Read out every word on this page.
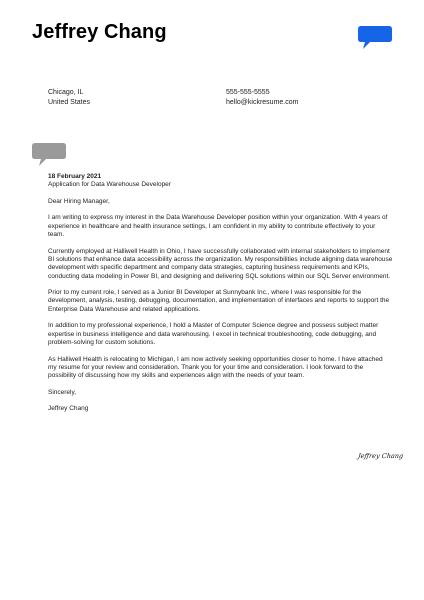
Jeffrey Chang
Chicago, IL
United States
555-555-5555
hello@kickresume.com
18 February 2021
Application for Data Warehouse Developer

Dear Hiring Manager,

I am writing to express my interest in the Data Warehouse Developer position within your organization. With 4 years of experience in healthcare and health insurance settings, I am confident in my ability to contribute effectively to your team.

Currently employed at Halliwell Health in Ohio, I have successfully collaborated with internal stakeholders to implement BI solutions that enhance data accessibility across the organization. My responsibilities include aligning data warehouse development with specific department and company data strategies, capturing business requirements and KPIs, conducting data modeling in Power BI, and designing and delivering SQL solutions within our SQL Server environment.

Prior to my current role, I served as a Junior BI Developer at Sunnybank Inc., where I was responsible for the development, analysis, testing, debugging, documentation, and implementation of interfaces and reports to support the Enterprise Data Warehouse and related applications.

In addition to my professional experience, I hold a Master of Computer Science degree and possess subject matter expertise in business intelligence and data warehousing. I excel in technical troubleshooting, code debugging, and problem-solving for custom solutions.

As Halliwell Health is relocating to Michigan, I am now actively seeking opportunities closer to home. I have attached my resume for your review and consideration. Thank you for your time and consideration. I look forward to the possibility of discussing how my skills and experiences align with the needs of your team.

Sincerely,

Jeffrey Chang

Jeffrey Chang
